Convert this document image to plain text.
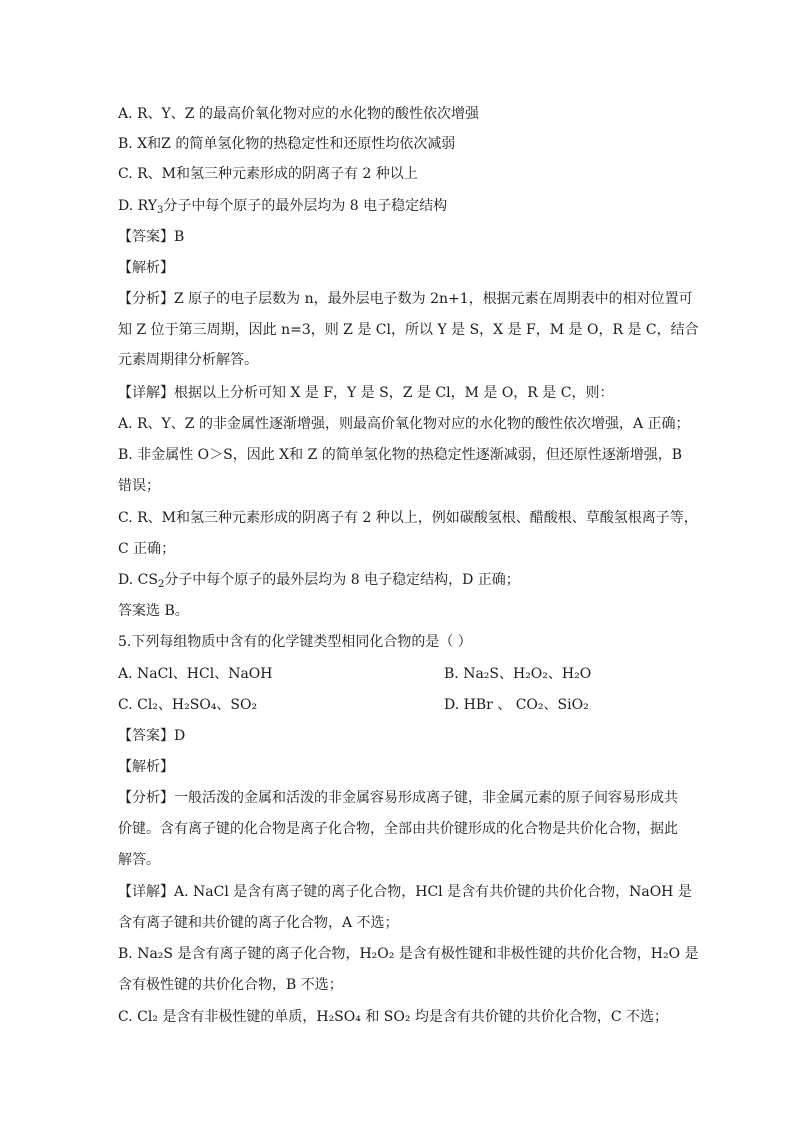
A. R、Y、Z 的最高价氧化物对应的水化物的酸性依次增强
B. X和Z 的简单氢化物的热稳定性和还原性均依次减弱
C. R、M和氢三种元素形成的阴离子有 2 种以上
D. $RY_3$分子中每个原子的最外层均为 8 电子稳定结构
【答案】B
【解析】
【分析】Z 原子的电子层数为 n，最外层电子数为 2n+1，根据元素在周期表中的相对位置可
知 Z 位于第三周期，因此 n=3，则 Z 是 Cl，所以 Y 是 S，X 是 F，M 是 O，R 是 C，结合
元素周期律分析解答。
【详解】根据以上分析可知 X 是 F，Y 是 S，Z 是 Cl，M 是 O，R 是 C，则：
A. R、Y、Z 的非金属性逐渐增强，则最高价氧化物对应的水化物的酸性依次增强，A 正确；
B. 非金属性 O＞S，因此 X和 Z 的简单氢化物的热稳定性逐渐减弱，但还原性逐渐增强，B
错误；
C. R、M和氢三种元素形成的阴离子有 2 种以上，例如碳酸氢根、醋酸根、草酸氢根离子等，
C 正确；
D. $CS_2$分子中每个原子的最外层均为 8 电子稳定结构，D 正确；
答案选 B。
5.下列每组物质中含有的化学键类型相同化合物的是（ ）
A. NaCl、HCl、NaOH	B. Na₂S、H₂O₂、H₂O
C. Cl₂、H₂SO₄、SO₂	D. HBr 、 CO₂、SiO₂
【答案】D
【解析】
【分析】一般活泼的金属和活泼的非金属容易形成离子键，非金属元素的原子间容易形成共
价键。含有离子键的化合物是离子化合物，全部由共价键形成的化合物是共价化合物，据此
解答。
【详解】A. NaCl 是含有离子键的离子化合物，HCl 是含有共价键的共价化合物，NaOH 是
含有离子键和共价键的离子化合物，A 不选；
B. Na₂S 是含有离子键的离子化合物，H₂O₂ 是含有极性键和非极性键的共价化合物，H₂O 是
含有极性键的共价化合物，B 不选；
C. Cl₂ 是含有非极性键的单质，H₂SO₄ 和 SO₂ 均是含有共价键的共价化合物，C 不选；
